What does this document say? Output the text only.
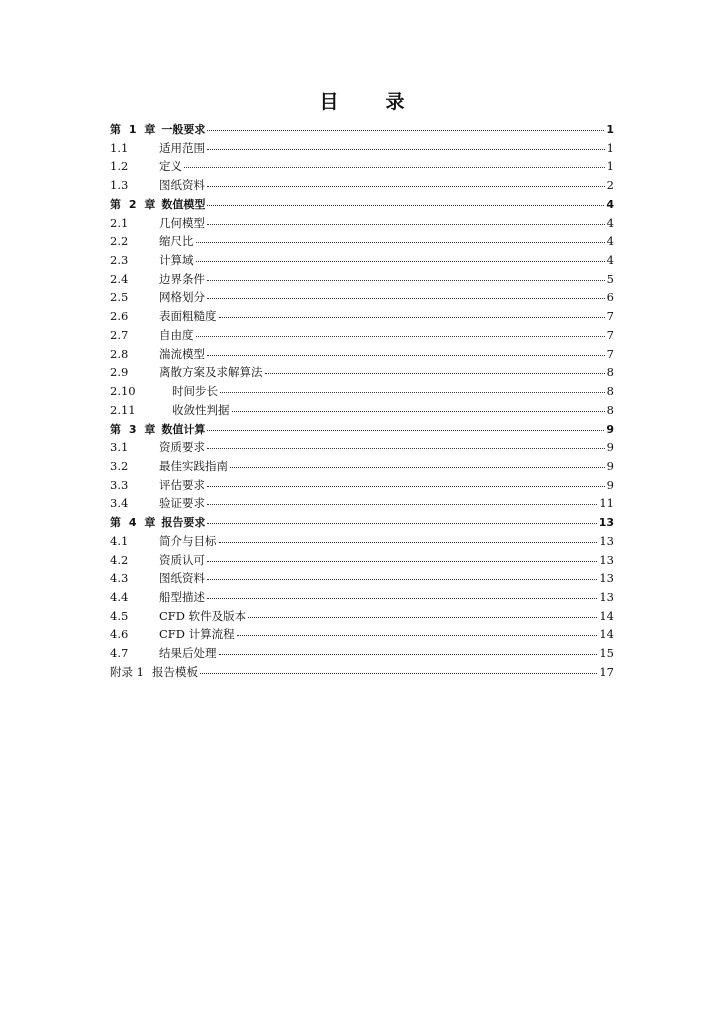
目　录
第 1 章 一般要求	1
1.1	适用范围	1
1.2	定义	1
1.3	图纸资料	2
第 2 章 数值模型	4
2.1	几何模型	4
2.2	缩尺比	4
2.3	计算域	4
2.4	边界条件	5
2.5	网格划分	6
2.6	表面粗糙度	7
2.7	自由度	7
2.8	湍流模型	7
2.9	离散方案及求解算法	8
2.10	时间步长	8
2.11	收敛性判据	8
第 3 章 数值计算	9
3.1	资质要求	9
3.2	最佳实践指南	9
3.3	评估要求	9
3.4	验证要求	11
第 4 章 报告要求	13
4.1	简介与目标	13
4.2	资质认可	13
4.3	图纸资料	13
4.4	船型描述	13
4.5	CFD 软件及版本	14
4.6	CFD 计算流程	14
4.7	结果后处理	15
附录 1 报告模板	17
